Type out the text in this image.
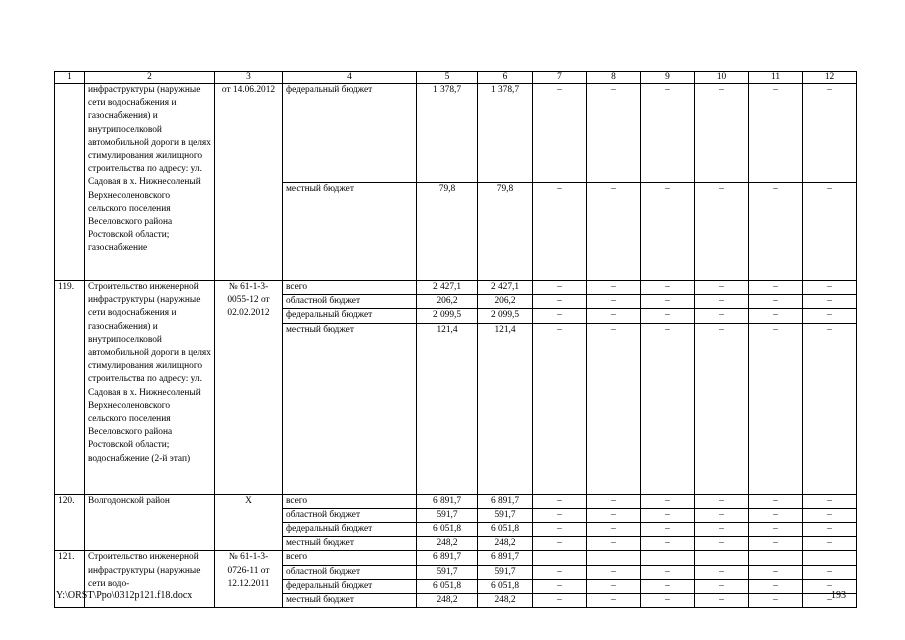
1	2	3	4	5	6	7	8	9	10	11	12
	инфраструктуры (наружные сети водоснабжения и газоснабжения) и внутрипоселковой автомобильной дороги в целях стимулирования жилищного строительства по адресу: ул. Садовая в х. Нижнесоленый Верхнесоленовского сельского поселения Веселовского района Ростовской области; газоснабжение	от 14.06.2012	федеральный бюджет	1 378,7	1 378,7	–	–	–	–	–	–
			местный бюджет	79,8	79,8	–	–	–	–	–	–
119.	Строительство инженерной инфраструктуры (наружные сети водоснабжения и газоснабжения) и внутрипоселковой автомобильной дороги в целях стимулирования жилищного строительства по адресу: ул. Садовая в х. Нижнесоленый Верхнесоленовского сельского поселения Веселовского района Ростовской области; водоснабжение (2-й этап)	№ 61-1-3-0055-12 от 02.02.2012	всего	2 427,1	2 427,1	–	–	–	–	–	–
			областной бюджет	206,2	206,2	–	–	–	–	–	–
			федеральный бюджет	2 099,5	2 099,5	–	–	–	–	–	–
			местный бюджет	121,4	121,4	–	–	–	–	–	–
120.	Волгодонской район	Х	всего	6 891,7	6 891,7	–	–	–	–	–	–
			областной бюджет	591,7	591,7	–	–	–	–	–	–
			федеральный бюджет	6 051,8	6 051,8	–	–	–	–	–	–
			местный бюджет	248,2	248,2	–	–	–	–	–	–
121.	Строительство инженерной инфраструктуры (наружные сети водо-	№ 61-1-3-0726-11 от 12.12.2011	всего	6 891,7	6 891,7						
			областной бюджет	591,7	591,7	–	–	–	–	–	–
			федеральный бюджет	6 051,8	6 051,8	–	–	–	–	–	–
			местный бюджет	248,2	248,2	–	–	–	–	–	–
Y:\ORST\Ppo\0312p121.f18.docx	193
